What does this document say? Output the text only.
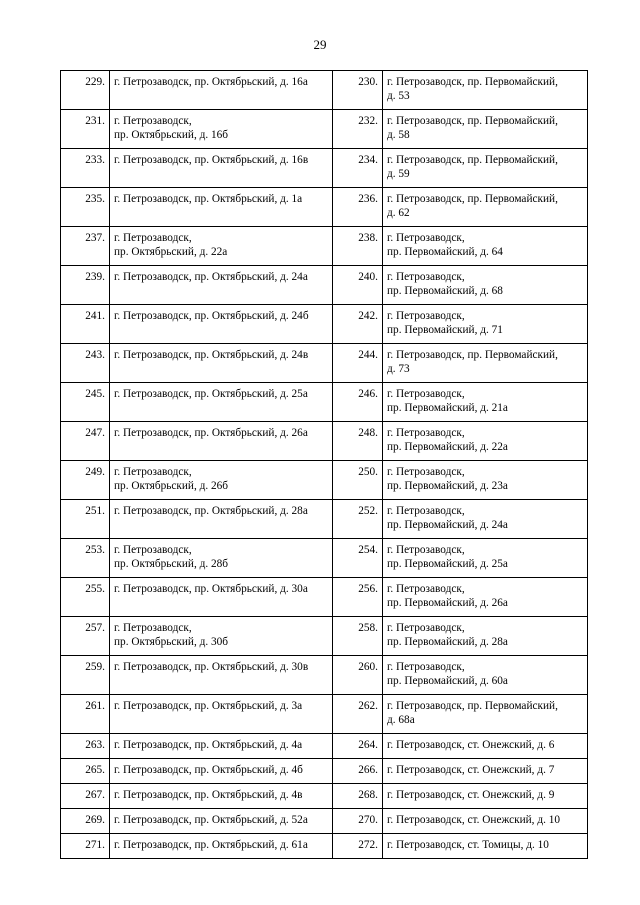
29
229.	г. Петрозаводск, пр. Октябрьский, д. 16а	230.	г. Петрозаводск, пр. Первомайский,
д. 53
231.	г. Петрозаводск,
пр. Октябрьский, д. 16б	232.	г. Петрозаводск, пр. Первомайский,
д. 58
233.	г. Петрозаводск, пр. Октябрьский, д. 16в	234.	г. Петрозаводск, пр. Первомайский,
д. 59
235.	г. Петрозаводск, пр. Октябрьский, д. 1а	236.	г. Петрозаводск, пр. Первомайский,
д. 62
237.	г. Петрозаводск,
пр. Октябрьский, д. 22а	238.	г. Петрозаводск,
пр. Первомайский, д. 64
239.	г. Петрозаводск, пр. Октябрьский, д. 24а	240.	г. Петрозаводск,
пр. Первомайский, д. 68
241.	г. Петрозаводск, пр. Октябрьский, д. 24б	242.	г. Петрозаводск,
пр. Первомайский, д. 71
243.	г. Петрозаводск, пр. Октябрьский, д. 24в	244.	г. Петрозаводск, пр. Первомайский,
д. 73
245.	г. Петрозаводск, пр. Октябрьский, д. 25а	246.	г. Петрозаводск,
пр. Первомайский, д. 21а
247.	г. Петрозаводск, пр. Октябрьский, д. 26а	248.	г. Петрозаводск,
пр. Первомайский, д. 22а
249.	г. Петрозаводск,
пр. Октябрьский, д. 26б	250.	г. Петрозаводск,
пр. Первомайский, д. 23а
251.	г. Петрозаводск, пр. Октябрьский, д. 28а	252.	г. Петрозаводск,
пр. Первомайский, д. 24а
253.	г. Петрозаводск,
пр. Октябрьский, д. 28б	254.	г. Петрозаводск,
пр. Первомайский, д. 25а
255.	г. Петрозаводск, пр. Октябрьский, д. 30а	256.	г. Петрозаводск,
пр. Первомайский, д. 26а
257.	г. Петрозаводск,
пр. Октябрьский, д. 30б	258.	г. Петрозаводск,
пр. Первомайский, д. 28а
259.	г. Петрозаводск, пр. Октябрьский, д. 30в	260.	г. Петрозаводск,
пр. Первомайский, д. 60а
261.	г. Петрозаводск, пр. Октябрьский, д. 3а	262.	г. Петрозаводск, пр. Первомайский,
д. 68а
263.	г. Петрозаводск, пр. Октябрьский, д. 4а	264.	г. Петрозаводск, ст. Онежский, д. 6
265.	г. Петрозаводск, пр. Октябрьский, д. 4б	266.	г. Петрозаводск, ст. Онежский, д. 7
267.	г. Петрозаводск, пр. Октябрьский, д. 4в	268.	г. Петрозаводск, ст. Онежский, д. 9
269.	г. Петрозаводск, пр. Октябрьский, д. 52а	270.	г. Петрозаводск, ст. Онежский, д. 10
271.	г. Петрозаводск, пр. Октябрьский, д. 61а	272.	г. Петрозаводск, ст. Томицы, д. 10
